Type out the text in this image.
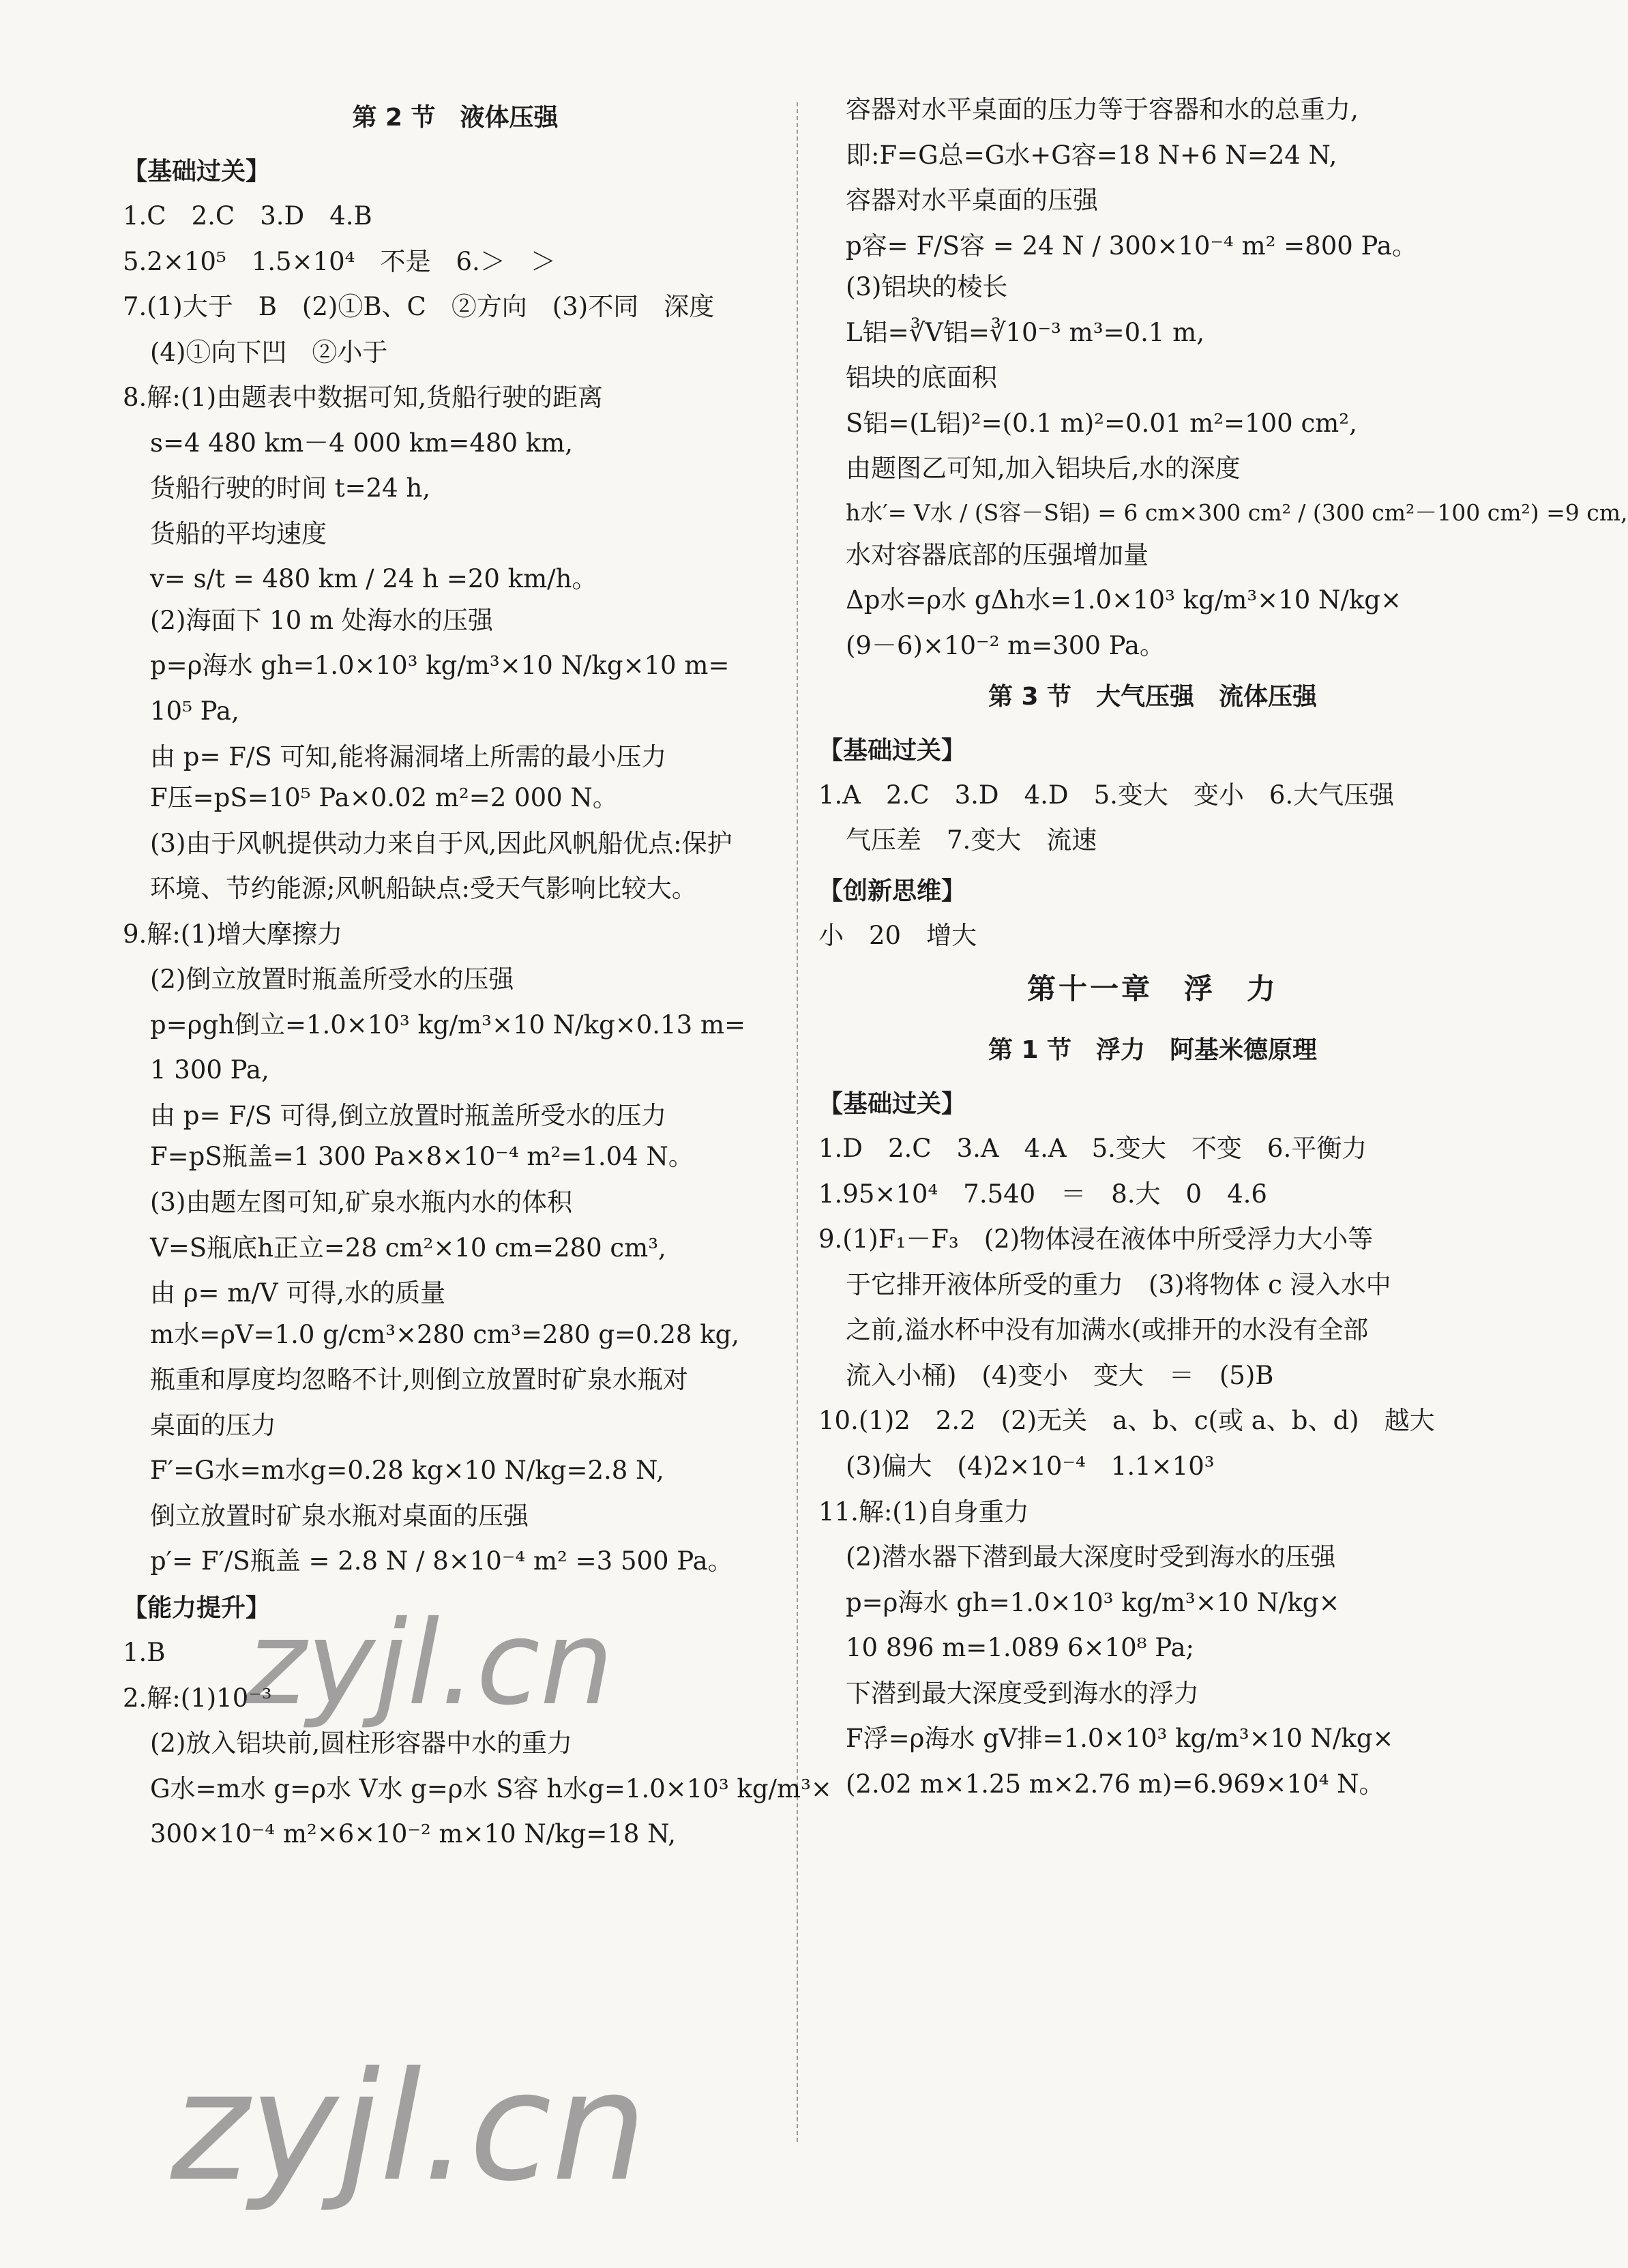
第 2 节　液体压强
【基础过关】
1.C　2.C　3.D　4.B
5.2×10⁵　1.5×10⁴　不是　6.＞　＞
7.(1)大于　B　(2)①B、C　②方向　(3)不同　深度
(4)①向下凹　②小于
8.解:(1)由题表中数据可知,货船行驶的距离
s=4 480 km－4 000 km=480 km,
货船行驶的时间 t=24 h,
货船的平均速度
v= s/t = 480 km / 24 h =20 km/h。
(2)海面下 10 m 处海水的压强
p=ρ海水 gh=1.0×10³ kg/m³×10 N/kg×10 m=
10⁵ Pa,
由 p= F/S 可知,能将漏洞堵上所需的最小压力
F压=pS=10⁵ Pa×0.02 m²=2 000 N。
(3)由于风帆提供动力来自于风,因此风帆船优点:保护
环境、节约能源;风帆船缺点:受天气影响比较大。
9.解:(1)增大摩擦力
(2)倒立放置时瓶盖所受水的压强
p=ρgh倒立=1.0×10³ kg/m³×10 N/kg×0.13 m=
1 300 Pa,
由 p= F/S 可得,倒立放置时瓶盖所受水的压力
F=pS瓶盖=1 300 Pa×8×10⁻⁴ m²=1.04 N。
(3)由题左图可知,矿泉水瓶内水的体积
V=S瓶底h正立=28 cm²×10 cm=280 cm³,
由 ρ= m/V 可得,水的质量
m水=ρV=1.0 g/cm³×280 cm³=280 g=0.28 kg,
瓶重和厚度均忽略不计,则倒立放置时矿泉水瓶对
桌面的压力
F′=G水=m水g=0.28 kg×10 N/kg=2.8 N,
倒立放置时矿泉水瓶对桌面的压强
p′= F′/S瓶盖 = 2.8 N / 8×10⁻⁴ m² =3 500 Pa。
【能力提升】
1.B
2.解:(1)10⁻³
(2)放入铝块前,圆柱形容器中水的重力
G水=m水 g=ρ水 V水 g=ρ水 S容 h水g=1.0×10³ kg/m³×
300×10⁻⁴ m²×6×10⁻² m×10 N/kg=18 N,
容器对水平桌面的压力等于容器和水的总重力,
即:F=G总=G水+G容=18 N+6 N=24 N,
容器对水平桌面的压强
p容= F/S容 = 24 N / 300×10⁻⁴ m² =800 Pa。
(3)铝块的棱长
L铝=∛V铝=∛10⁻³ m³=0.1 m,
铝块的底面积
S铝=(L铝)²=(0.1 m)²=0.01 m²=100 cm²,
由题图乙可知,加入铝块后,水的深度
h水′= V水 / (S容－S铝) = 6 cm×300 cm² / (300 cm²－100 cm²) =9 cm,
水对容器底部的压强增加量
Δp水=ρ水 gΔh水=1.0×10³ kg/m³×10 N/kg×
(9－6)×10⁻² m=300 Pa。
第 3 节　大气压强　流体压强
【基础过关】
1.A　2.C　3.D　4.D　5.变大　变小　6.大气压强
气压差　7.变大　流速
【创新思维】
小　20　增大
第十一章　浮　力
第 1 节　浮力　阿基米德原理
【基础过关】
1.D　2.C　3.A　4.A　5.变大　不变　6.平衡力
1.95×10⁴　7.540　＝　8.大　0　4.6
9.(1)F₁－F₃　(2)物体浸在液体中所受浮力大小等
于它排开液体所受的重力　(3)将物体 c 浸入水中
之前,溢水杯中没有加满水(或排开的水没有全部
流入小桶)　(4)变小　变大　＝　(5)B
10.(1)2　2.2　(2)无关　a、b、c(或 a、b、d)　越大
(3)偏大　(4)2×10⁻⁴　1.1×10³
11.解:(1)自身重力
(2)潜水器下潜到最大深度时受到海水的压强
p=ρ海水 gh=1.0×10³ kg/m³×10 N/kg×
10 896 m=1.089 6×10⁸ Pa;
下潜到最大深度受到海水的浮力
F浮=ρ海水 gV排=1.0×10³ kg/m³×10 N/kg×
(2.02 m×1.25 m×2.76 m)=6.969×10⁴ N。
zyjl.cn
zyjl.cn
